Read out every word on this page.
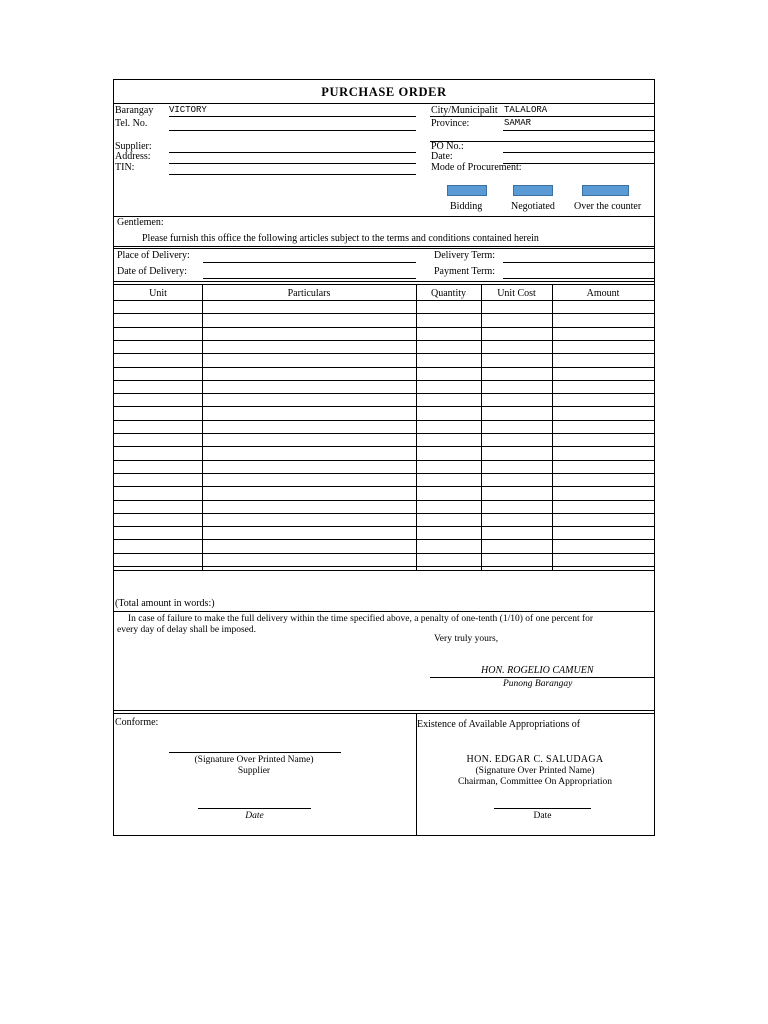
PURCHASE ORDER
Barangay VICTORY
Tel. No.
City/Municipalit TALALORA
Province:	SAMAR
Supplier:
Address:
TIN:
PO No.:
Date:
Mode of Procurement:
Bidding	Negotiated Over the counter
Gentlemen:
Please furnish this office the following articles subject to the terms and conditions contained herein
Place of Delivery:
Date of Delivery:
Delivery Term:
Payment Term:
Unit	Particulars	Quantity	Unit Cost	Amount
(Total amount in words:)
In case of failure to make the full delivery within the time specified above, a penalty of one-tenth (1/10) of one percent for
every day of delay shall be imposed.
Very truly yours,
HON. ROGELIO CAMUEN
Punong Barangay
Conforme:
(Signature Over Printed Name)
Supplier
Date
Existence of Available Appropriations of
HON. EDGAR C. SALUDAGA
(Signature Over Printed Name)
Chairman, Committee On Appropriation
Date
